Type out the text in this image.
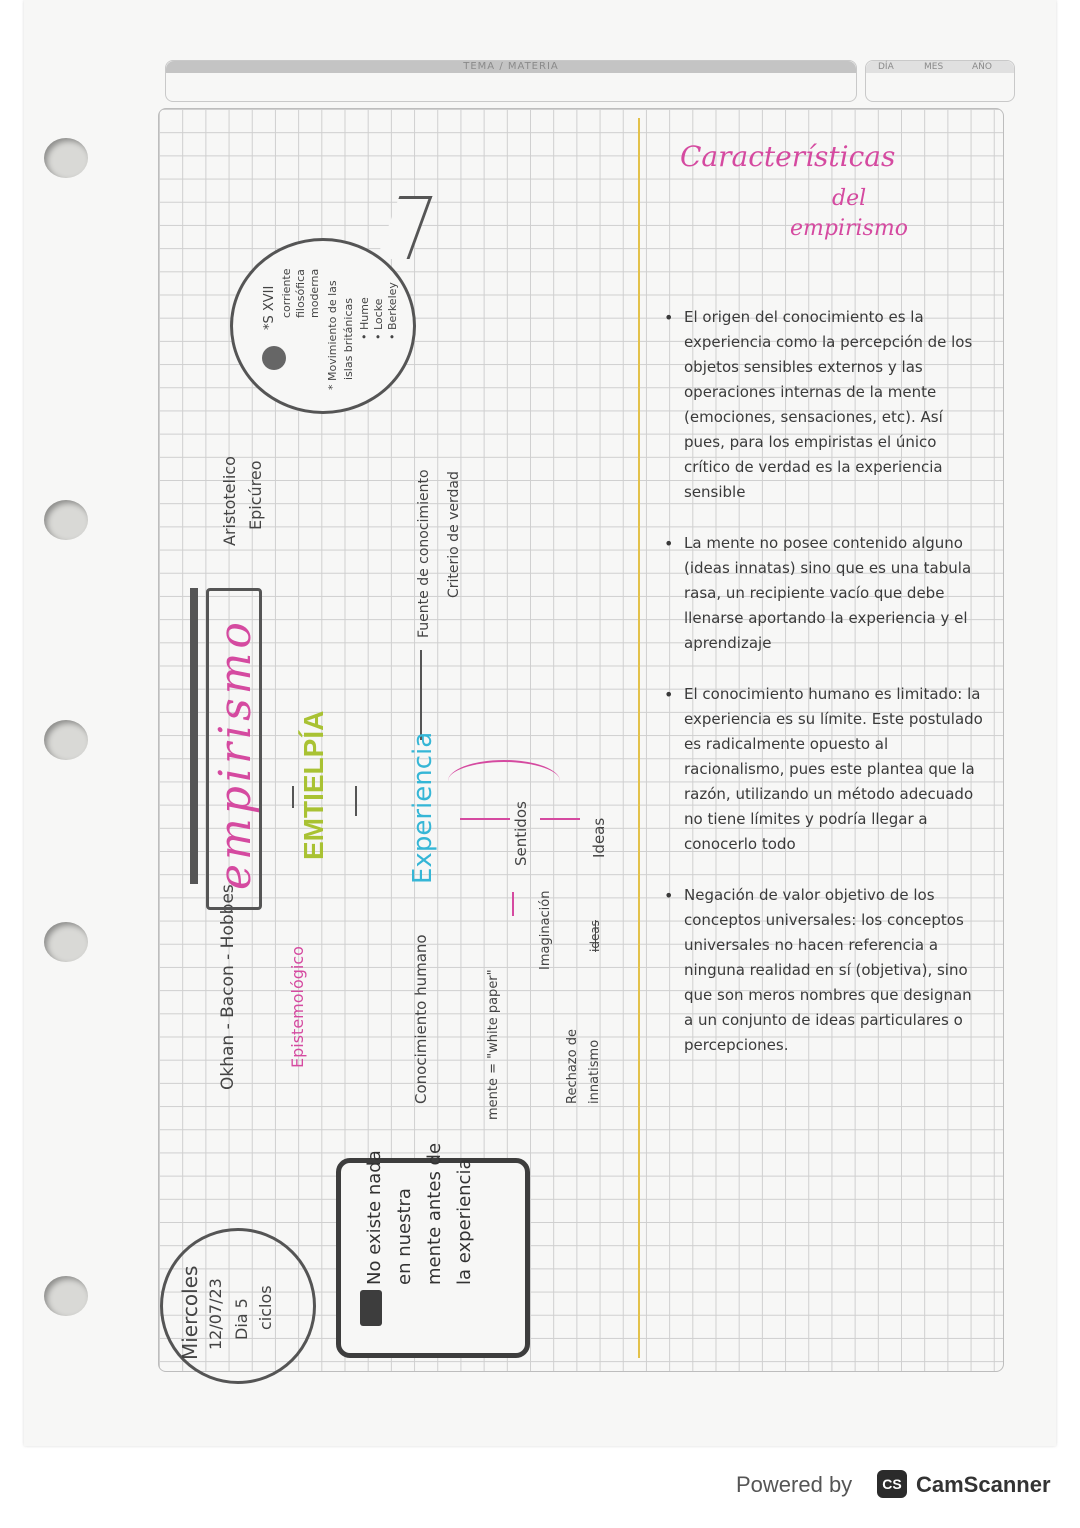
TEMA / MATERIA	DÍA	MES	AÑO
Miercoles 12/07/23 Dia 5 ciclos
No existe nada en nuestra mente antes de la experiencia
Okhan - Bacon - Hobbes	Epistemológico
Aristotelico Epicúreo
empirismo EMTIELPÍA
*S XVII corriente filosófica moderna * Movimiento de las islas británicas • Hume • Locke • Berkeley
Conocimiento humano
Experiencia
Fuente de conocimiento Criterio de verdad
mente = "white paper"
Imaginación
Sentidos	Ideas
Rechazo de innatismo
ideas
Características
del
empirismo
• El origen del conocimiento es la experiencia como la percepción de los objetos sensibles externos y las operaciones internas de la mente (emociones, sensaciones, etc). Así pues, para los empiristas el único crítico de verdad es la experiencia sensible
• La mente no posee contenido alguno (ideas innatas) sino que es una tabula rasa, un recipiente vacío que debe llenarse aportando la experiencia y el aprendizaje
• El conocimiento humano es limitado: la experiencia es su límite. Este postulado es radicalmente opuesto al racionalismo, pues este plantea que la razón, utilizando un método adecuado no tiene límites y podría llegar a conocerlo todo
• Negación de valor objetivo de los conceptos universales: los conceptos universales no hacen referencia a ninguna realidad en sí (objetiva), sino que son meros nombres que designan a un conjunto de ideas particulares o percepciones.
Powered by	CS CamScanner
